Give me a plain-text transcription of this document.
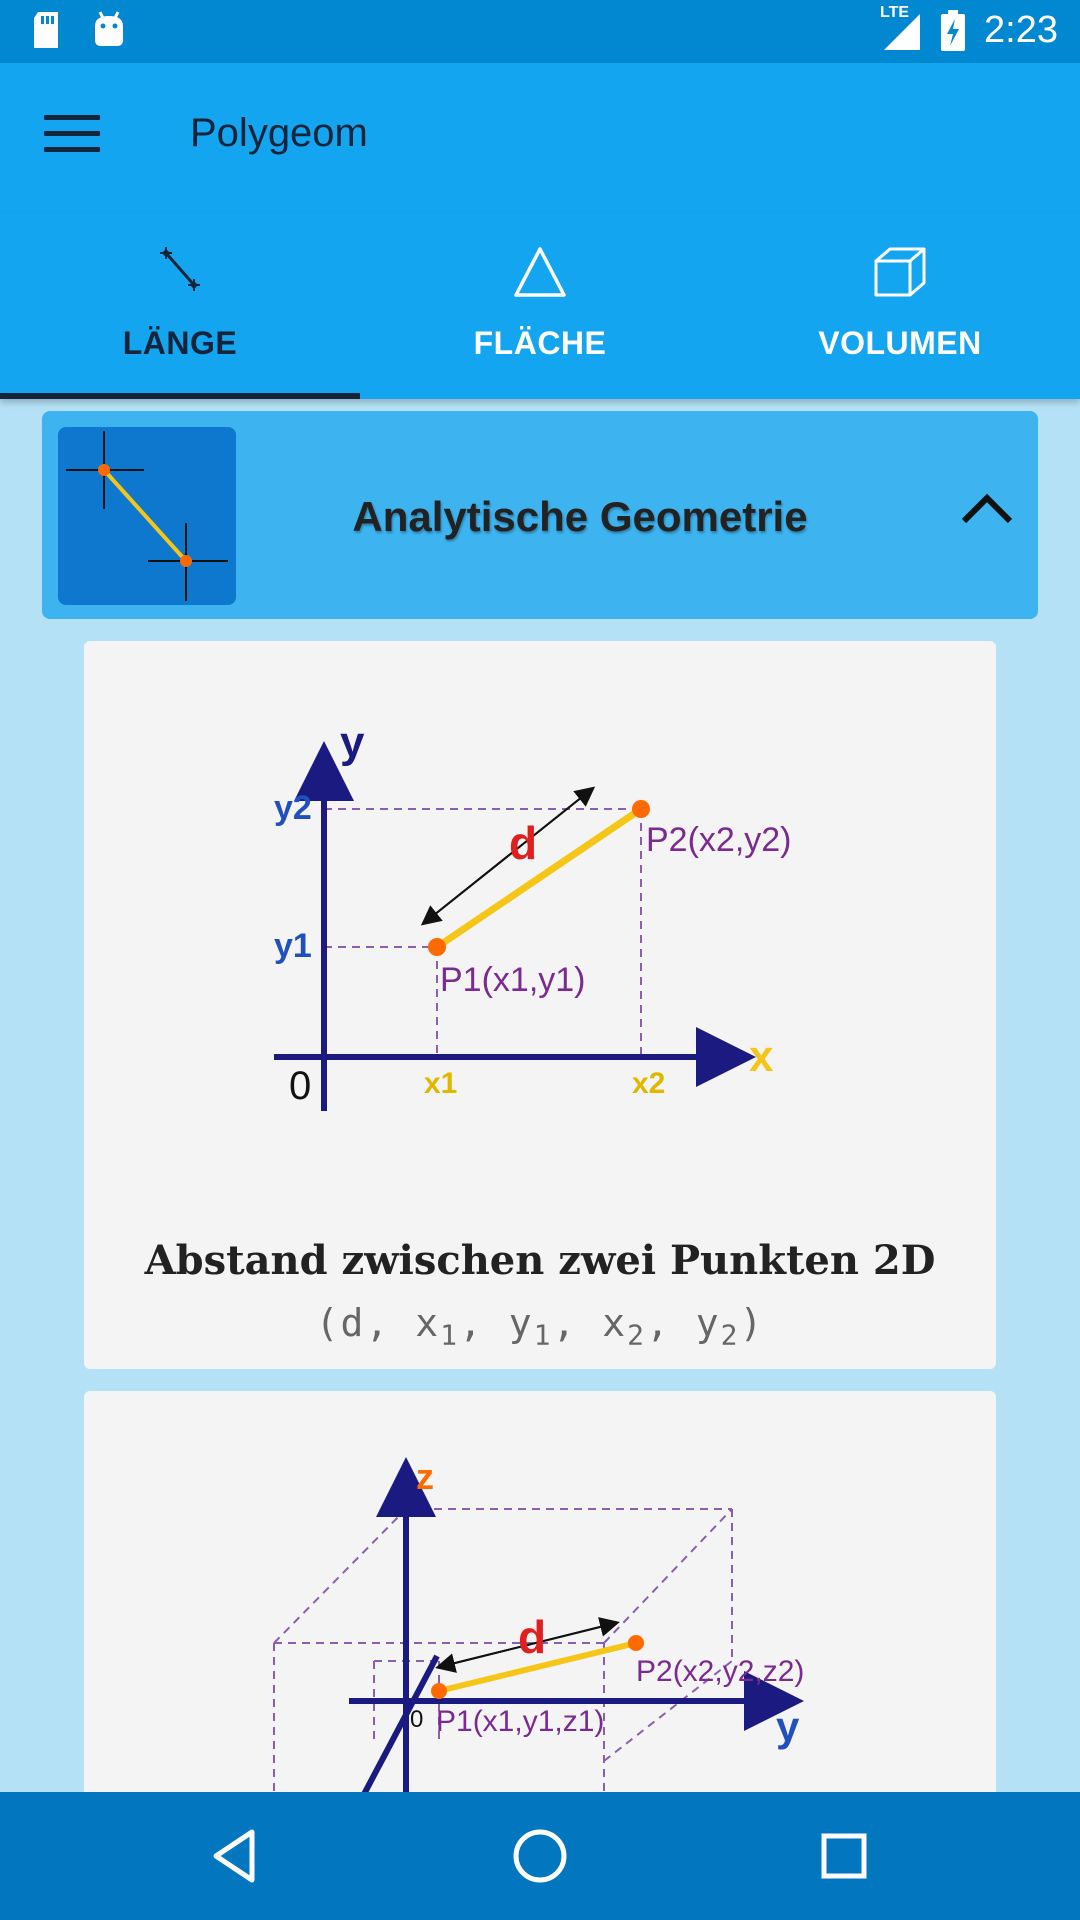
LTE 2:23
Polygeom
LÄNGE	FLÄCHE	VOLUMEN
Analytische Geometrie
y
x
0
y2
y1
x1	x2
d
P1(x1,y1)
P2(x2,y2)
Abstand zwischen zwei Punkten 2D
(d, $x_1$, $y_1$, $x_2$, $y_2$)
z
y
0
d
P1(x1,y1,z1)
P2(x2,y2,z2)
